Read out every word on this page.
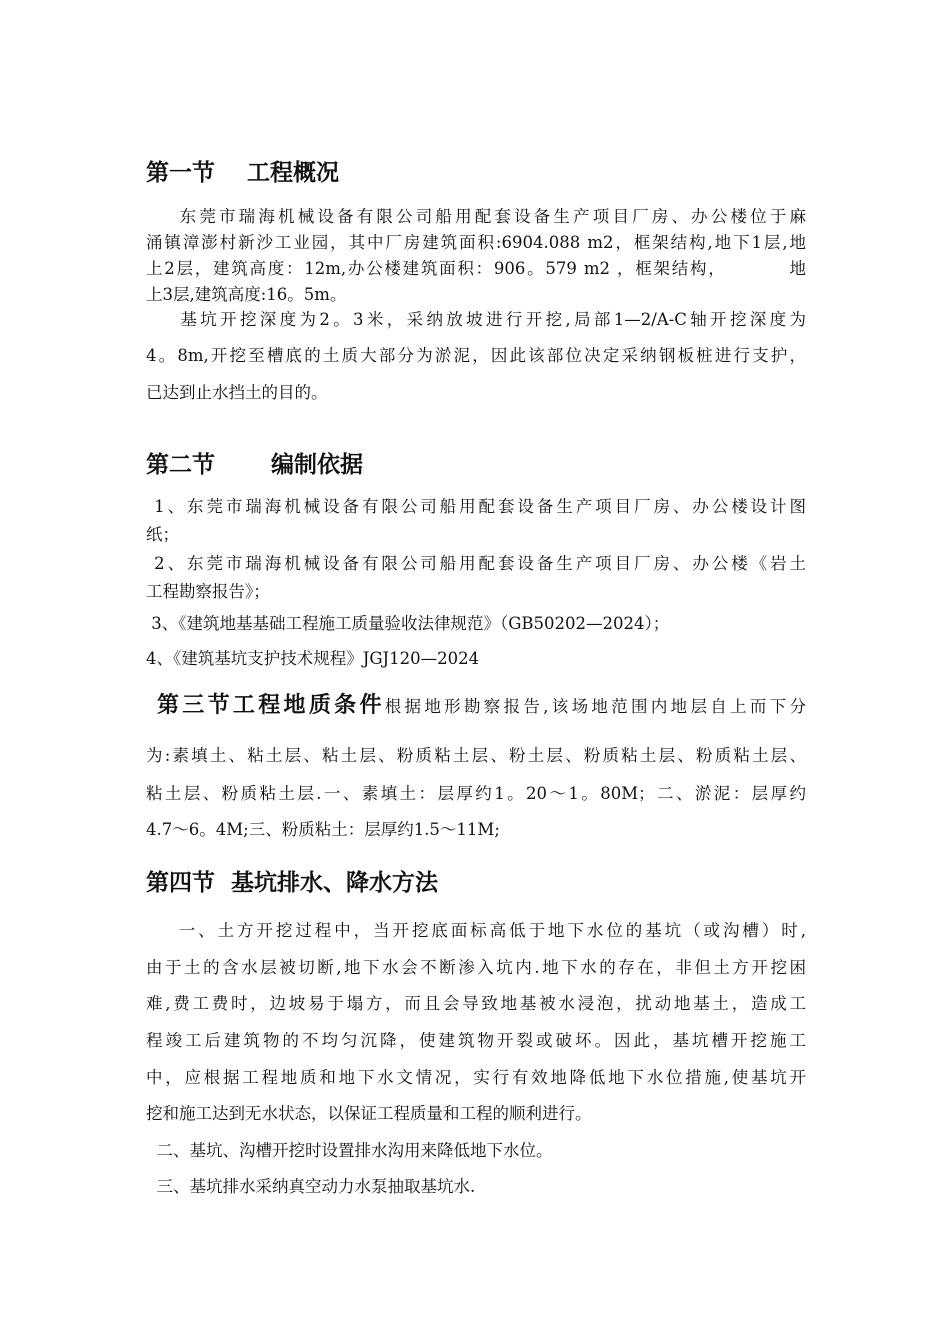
第一节    工程概况
东莞市瑞海机械设备有限公司船用配套设备生产项目厂房、办公楼位于麻
涌镇漳澎村新沙工业园，其中厂房建筑面积:6904.088 m2，框架结构,地下1层,地
上2层，建筑高度：12m,办公楼建筑面积：906。579 m2 ，框架结构，         地
上3层,建筑高度:16。5m。
基坑开挖深度为2。3米，采纳放坡进行开挖,局部1—2/A-C轴开挖深度为
4。8m,开挖至槽底的土质大部分为淤泥，因此该部位决定采纳钢板桩进行支护，
已达到止水挡土的目的。
第二节       编制依据
1、东莞市瑞海机械设备有限公司船用配套设备生产项目厂房、办公楼设计图
纸；
2、东莞市瑞海机械设备有限公司船用配套设备生产项目厂房、办公楼《岩土
工程勘察报告》；
3、《建筑地基基础工程施工质量验收法律规范》（GB50202—2024）；
4、《建筑基坑支护技术规程》JGJ120—2024
第三节工程地质条件根据地形勘察报告,该场地范围内地层自上而下分
为:素填土、粘土层、粘土层、粉质粘土层、粉土层、粉质粘土层、粉质粘土层、
粘土层、粉质粘土层.一、素填土：层厚约1。20～1。80M；二、淤泥：层厚约
4.7～6。4M;三、粉质粘土：层厚约1.5～11M;
第四节  基坑排水、降水方法
一、土方开挖过程中，当开挖底面标高低于地下水位的基坑（或沟槽）时,
由于土的含水层被切断,地下水会不断渗入坑内.地下水的存在，非但土方开挖困
难,费工费时，边坡易于塌方，而且会导致地基被水浸泡，扰动地基土，造成工
程竣工后建筑物的不均匀沉降，使建筑物开裂或破坏。因此，基坑槽开挖施工
中，应根据工程地质和地下水文情况，实行有效地降低地下水位措施,使基坑开
挖和施工达到无水状态，以保证工程质量和工程的顺利进行。
二、基坑、沟槽开挖时设置排水沟用来降低地下水位。
三、基坑排水采纳真空动力水泵抽取基坑水.
